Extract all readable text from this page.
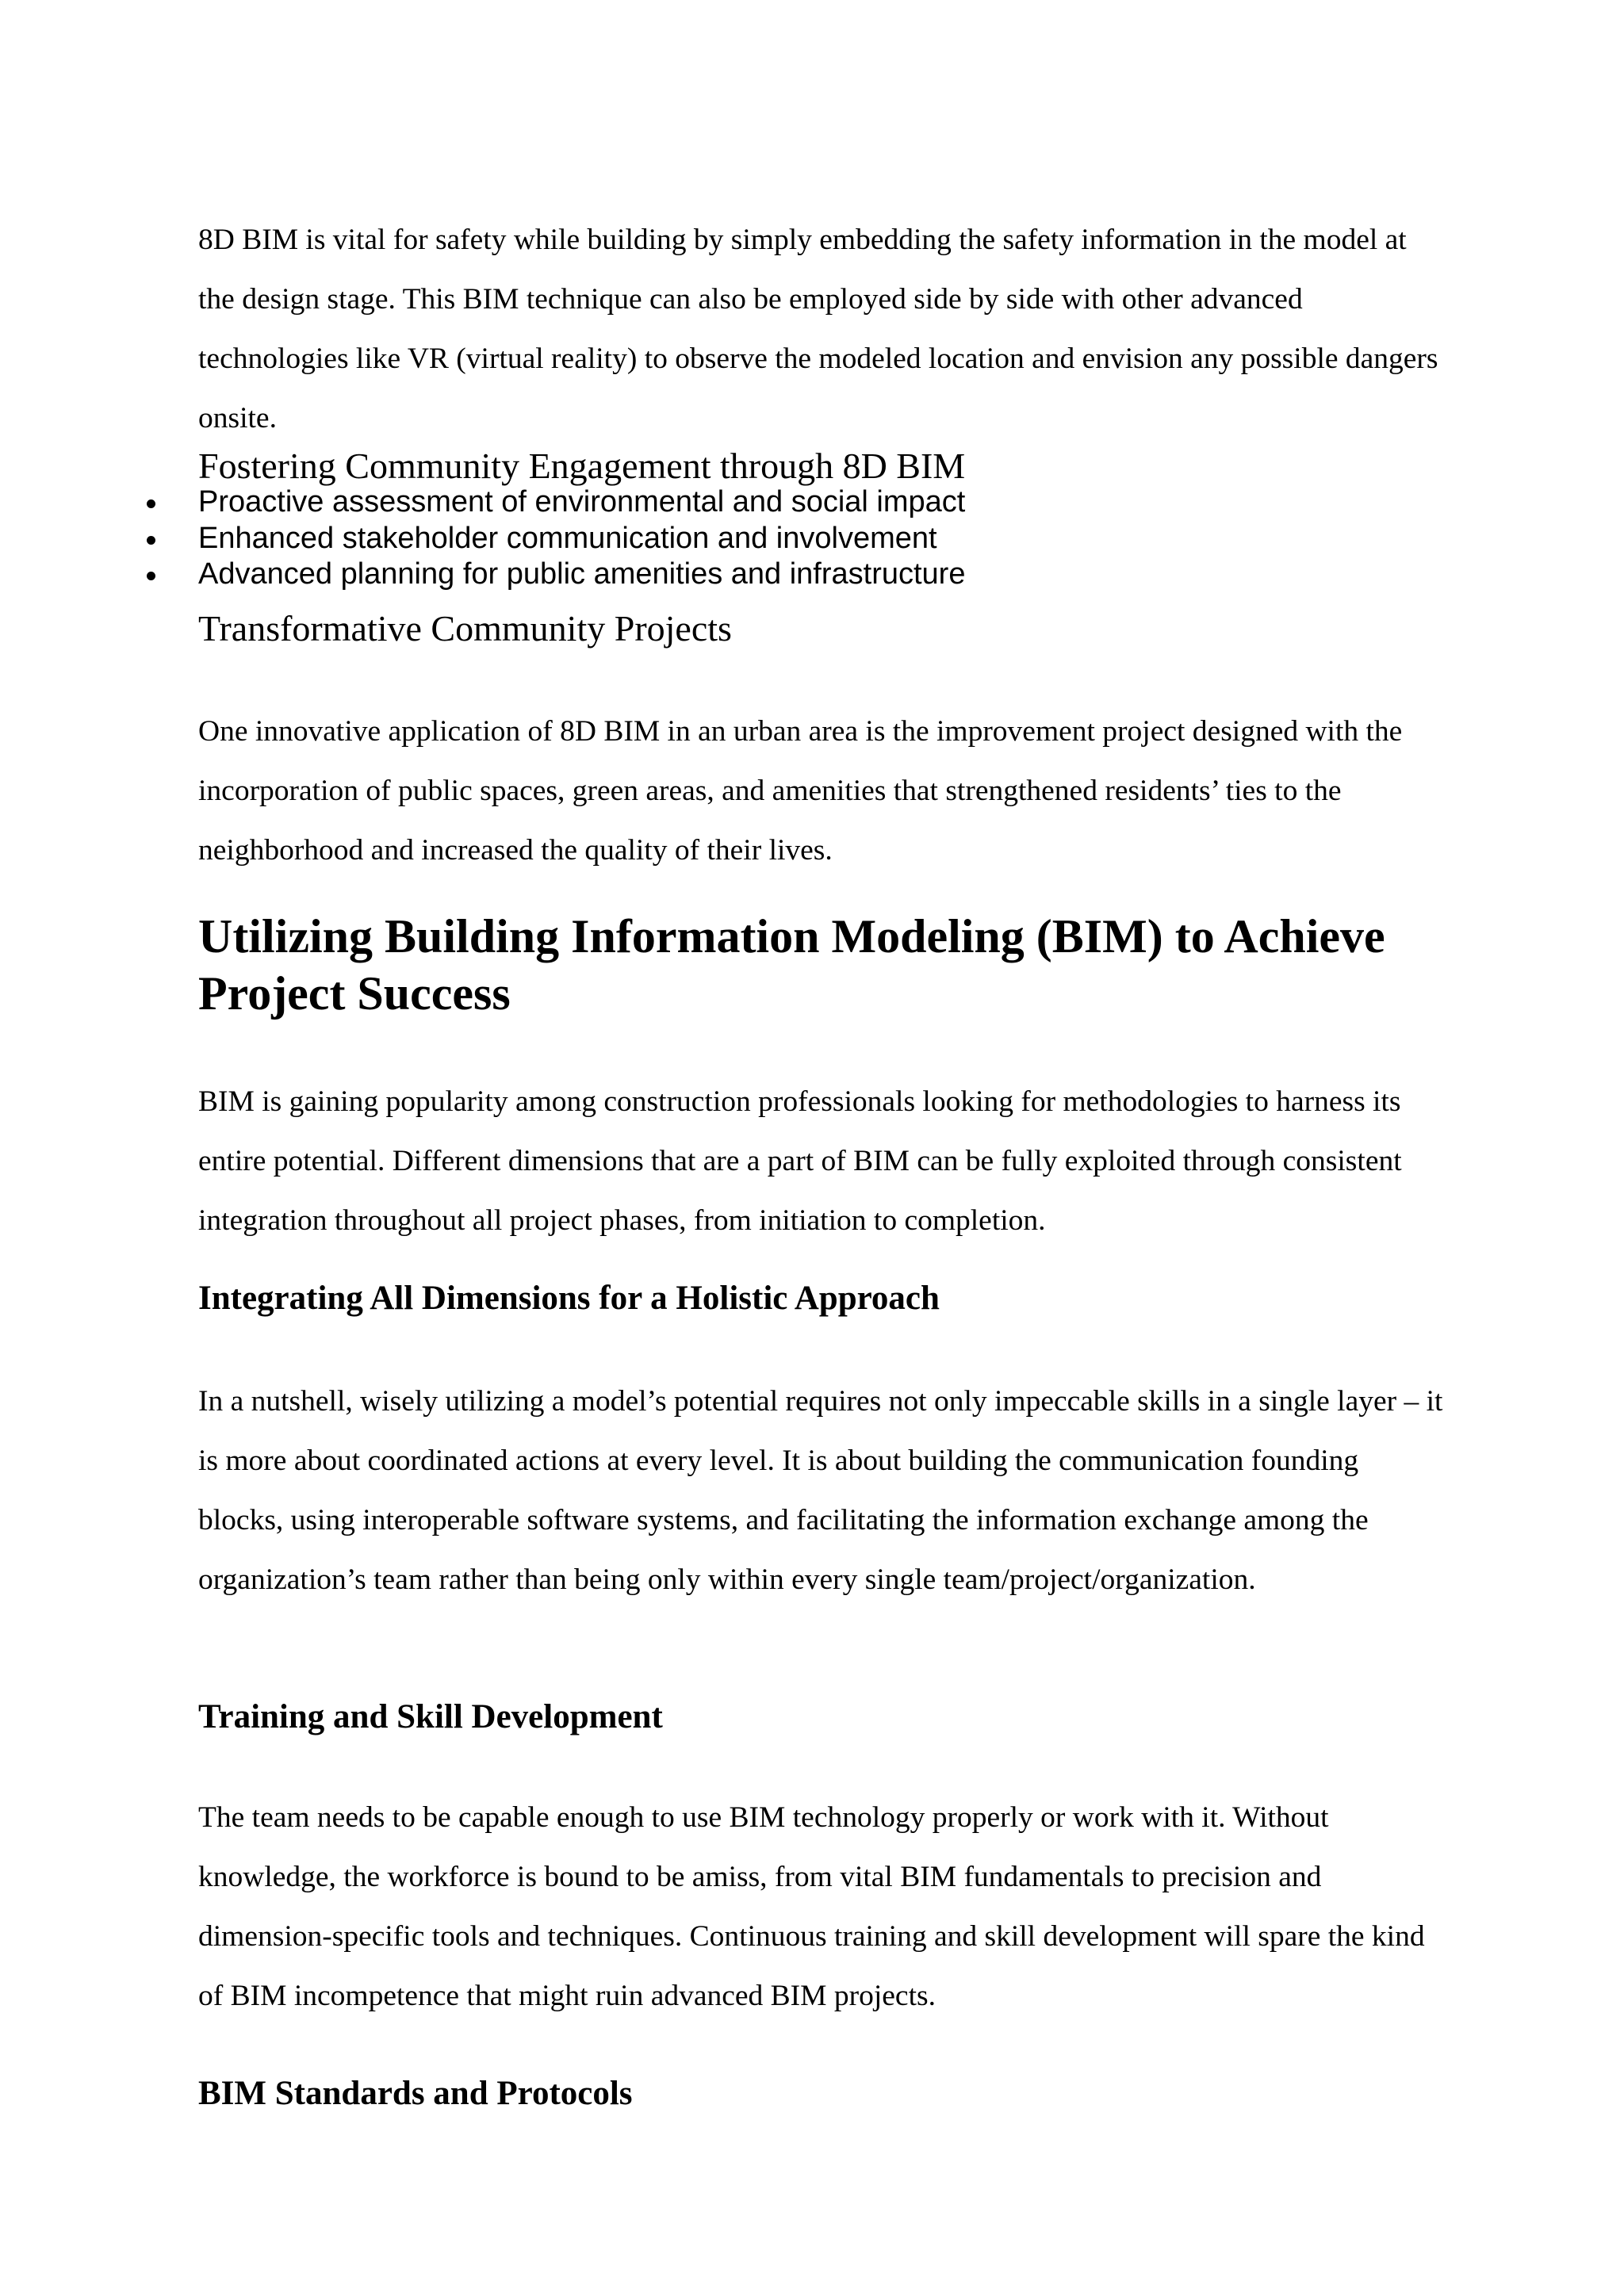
8D BIM is vital for safety while building by simply embedding the safety information in the model at the design stage. This BIM technique can also be employed side by side with other advanced technologies like VR (virtual reality) to observe the modeled location and envision any possible dangers onsite.

Fostering Community Engagement through 8D BIM
Proactive assessment of environmental and social impact
Enhanced stakeholder communication and involvement
Advanced planning for public amenities and infrastructure
Transformative Community Projects

One innovative application of 8D BIM in an urban area is the improvement project designed with the incorporation of public spaces, green areas, and amenities that strengthened residents’ ties to the neighborhood and increased the quality of their lives.

Utilizing Building Information Modeling (BIM) to Achieve Project Success

BIM is gaining popularity among construction professionals looking for methodologies to harness its entire potential. Different dimensions that are a part of BIM can be fully exploited through consistent integration throughout all project phases, from initiation to completion.

Integrating All Dimensions for a Holistic Approach

In a nutshell, wisely utilizing a model’s potential requires not only impeccable skills in a single layer – it is more about coordinated actions at every level. It is about building the communication founding blocks, using interoperable software systems, and facilitating the information exchange among the organization’s team rather than being only within every single team/project/organization.

Training and Skill Development

The team needs to be capable enough to use BIM technology properly or work with it. Without knowledge, the workforce is bound to be amiss, from vital BIM fundamentals to precision and dimension-specific tools and techniques. Continuous training and skill development will spare the kind of BIM incompetence that might ruin advanced BIM projects.

BIM Standards and Protocols
